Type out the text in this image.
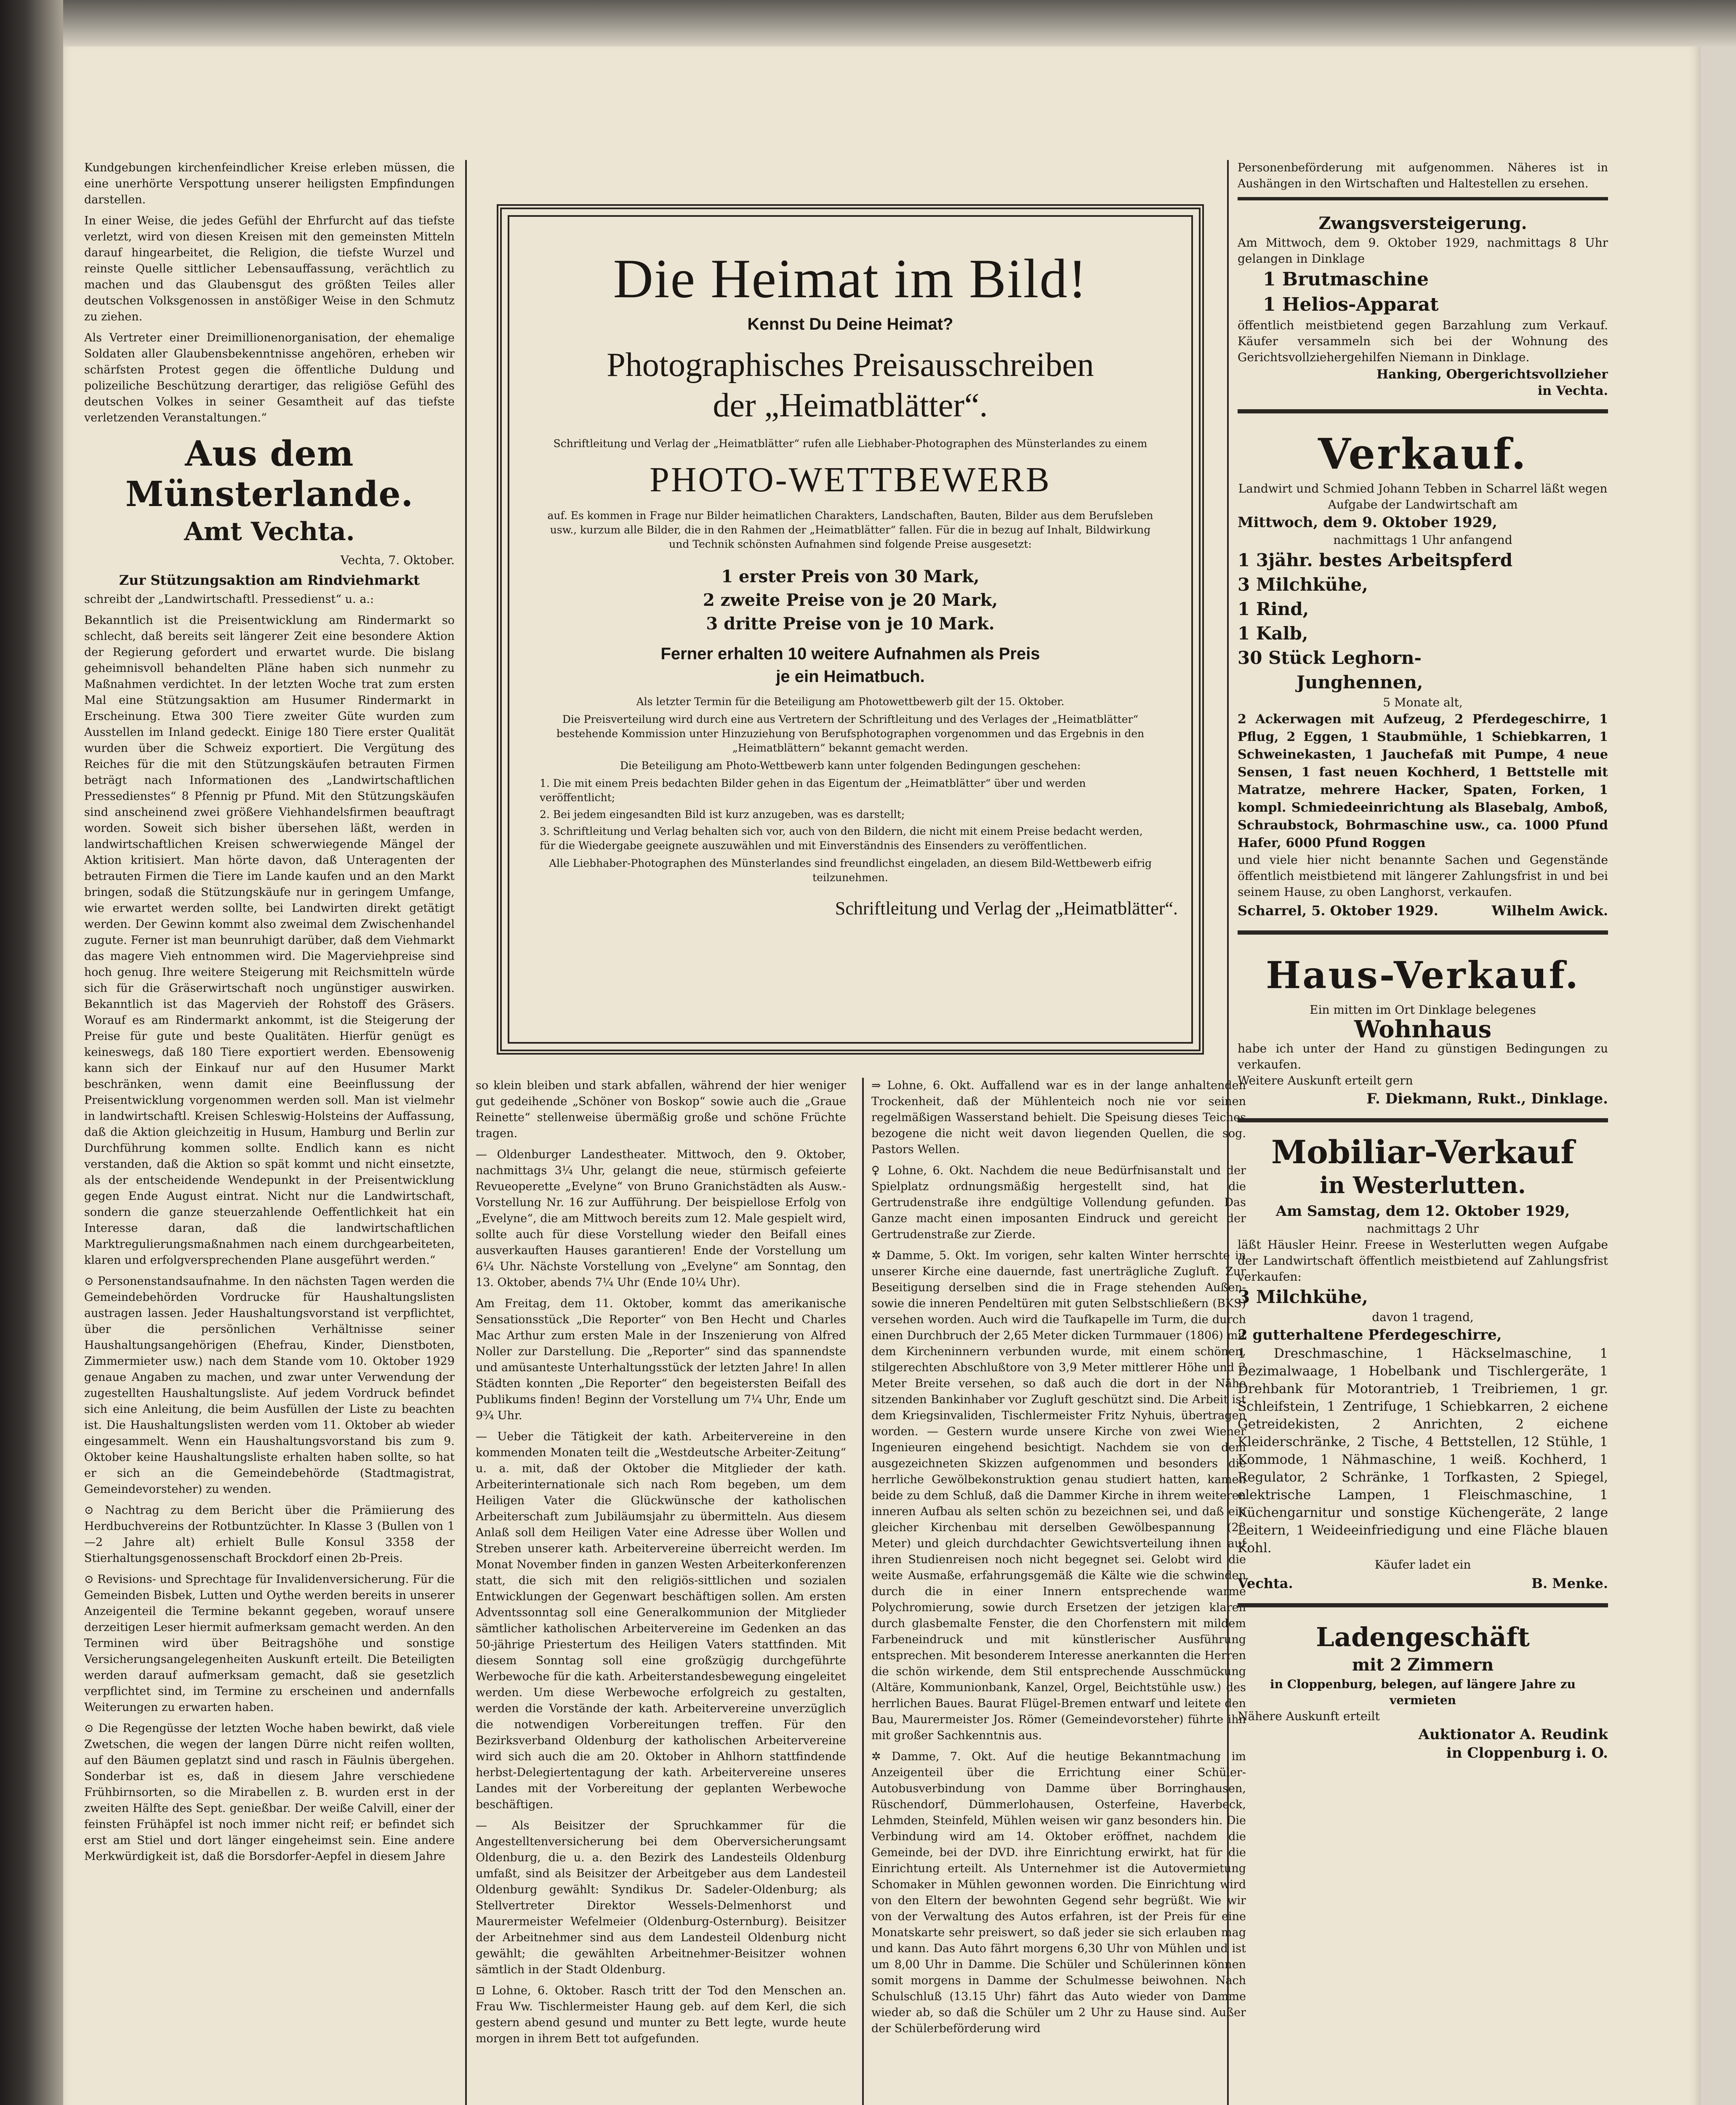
Kundgebungen kirchenfeindlicher Kreise erleben müssen, die eine unerhörte Verspottung unserer heiligsten Empfindungen darstellen.

In einer Weise, die jedes Gefühl der Ehrfurcht auf das tiefste verletzt, wird von diesen Kreisen mit den gemeinsten Mitteln darauf hingearbeitet, die Religion, die tiefste Wurzel und reinste Quelle sittlicher Lebensauffassung, verächtlich zu machen und das Glaubensgut des größten Teiles aller deutschen Volksgenossen in anstößiger Weise in den Schmutz zu ziehen.

Als Vertreter einer Dreimillionenorganisation, der ehemalige Soldaten aller Glaubensbekenntnisse angehören, erheben wir schärfsten Protest gegen die öffentliche Duldung und polizeiliche Beschützung derartiger, das religiöse Gefühl des deutschen Volkes in seiner Gesamtheit auf das tiefste verletzenden Veranstaltungen.“

Aus dem Münsterlande.
Amt Vechta.
Vechta, 7. Oktober.
Zur Stützungsaktion am Rindviehmarkt

schreibt der „Landwirtschaftl. Pressedienst“ u. a.:

Bekanntlich ist die Preisentwicklung am Rindermarkt so schlecht, daß bereits seit längerer Zeit eine besondere Aktion der Regierung gefordert und erwartet wurde. Die bislang geheimnisvoll behandelten Pläne haben sich nunmehr zu Maßnahmen verdichtet. In der letzten Woche trat zum ersten Mal eine Stützungsaktion am Husumer Rindermarkt in Erscheinung. Etwa 300 Tiere zweiter Güte wurden zum Ausstellen im Inland gedeckt. Einige 180 Tiere erster Qualität wurden über die Schweiz exportiert. Die Vergütung des Reiches für die mit den Stützungskäufen betrauten Firmen beträgt nach Informationen des „Landwirtschaftlichen Pressedienstes“ 8 Pfennig pr Pfund. Mit den Stützungskäufen sind anscheinend zwei größere Viehhandelsfirmen beauftragt worden. Soweit sich bisher übersehen läßt, werden in landwirtschaftlichen Kreisen schwerwiegende Mängel der Aktion kritisiert. Man hörte davon, daß Unteragenten der betrauten Firmen die Tiere im Lande kaufen und an den Markt bringen, sodaß die Stützungskäufe nur in geringem Umfange, wie erwartet werden sollte, bei Landwirten direkt getätigt werden. Der Gewinn kommt also zweimal dem Zwischenhandel zugute. Ferner ist man beunruhigt darüber, daß dem Viehmarkt das magere Vieh entnommen wird. Die Magerviehpreise sind hoch genug. Ihre weitere Steigerung mit Reichsmitteln würde sich für die Gräserwirtschaft noch ungünstiger auswirken. Bekanntlich ist das Magervieh der Rohstoff des Gräsers. Worauf es am Rindermarkt ankommt, ist die Steigerung der Preise für gute und beste Qualitäten. Hierfür genügt es keineswegs, daß 180 Tiere exportiert werden. Ebensowenig kann sich der Einkauf nur auf den Husumer Markt beschränken, wenn damit eine Beeinflussung der Preisentwicklung vorgenommen werden soll. Man ist vielmehr in landwirtschaftl. Kreisen Schleswig-Holsteins der Auffassung, daß die Aktion gleichzeitig in Husum, Hamburg und Berlin zur Durchführung kommen sollte. Endlich kann es nicht verstanden, daß die Aktion so spät kommt und nicht einsetzte, als der entscheidende Wendepunkt in der Preisentwicklung gegen Ende August eintrat. Nicht nur die Landwirtschaft, sondern die ganze steuerzahlende Oeffentlichkeit hat ein Interesse daran, daß die landwirtschaftlichen Marktregulierungsmaßnahmen nach einem durchgearbeiteten, klaren und erfolgversprechenden Plane ausgeführt werden.“

⊙ Personenstandsaufnahme. In den nächsten Tagen werden die Gemeindebehörden Vordrucke für Haushaltungslisten austragen lassen. Jeder Haushaltungsvorstand ist verpflichtet, über die persönlichen Verhältnisse seiner Haushaltungsangehörigen (Ehefrau, Kinder, Dienstboten, Zimmermieter usw.) nach dem Stande vom 10. Oktober 1929 genaue Angaben zu machen, und zwar unter Verwendung der zugestellten Haushaltungsliste. Auf jedem Vordruck befindet sich eine Anleitung, die beim Ausfüllen der Liste zu beachten ist. Die Haushaltungslisten werden vom 11. Oktober ab wieder eingesammelt. Wenn ein Haushaltungsvorstand bis zum 9. Oktober keine Haushaltungsliste erhalten haben sollte, so hat er sich an die Gemeindebehörde (Stadtmagistrat, Gemeindevorsteher) zu wenden.

⊙ Nachtrag zu dem Bericht über die Prämiierung des Herdbuchvereins der Rotbuntzüchter. In Klasse 3 (Bullen von 1—2 Jahre alt) erhielt Bulle Konsul 3358 der Stierhaltungsgenossenschaft Brockdorf einen 2b-Preis.

⊙ Revisions- und Sprechtage für Invalidenversicherung. Für die Gemeinden Bisbek, Lutten und Oythe werden bereits in unserer Anzeigenteil die Termine bekannt gegeben, worauf unsere derzeitigen Leser hiermit aufmerksam gemacht werden. An den Terminen wird über Beitragshöhe und sonstige Versicherungsangelegenheiten Auskunft erteilt. Die Beteiligten werden darauf aufmerksam gemacht, daß sie gesetzlich verpflichtet sind, im Termine zu erscheinen und andernfalls Weiterungen zu erwarten haben.

⊙ Die Regengüsse der letzten Woche haben bewirkt, daß viele Zwetschen, die wegen der langen Dürre nicht reifen wollten, auf den Bäumen geplatzt sind und rasch in Fäulnis übergehen. Sonderbar ist es, daß in diesem Jahre verschiedene Frühbirnsorten, so die Mirabellen z. B. wurden erst in der zweiten Hälfte des Sept. genießbar. Der weiße Calvill, einer der feinsten Frühäpfel ist noch immer nicht reif; er befindet sich erst am Stiel und dort länger eingeheimst sein. Eine andere Merkwürdigkeit ist, daß die Borsdorfer-Aepfel in diesem Jahre

Die Heimat im Bild!
Kennst Du Deine Heimat?
Photographisches Preisausschreiben
der „Heimatblätter“.
Schriftleitung und Verlag der „Heimatblätter“ rufen alle Liebhaber-Photographen des Münsterlandes zu einem
PHOTO-WETTBEWERB
auf. Es kommen in Frage nur Bilder heimatlichen Charakters, Landschaften, Bauten, Bilder aus dem Berufsleben usw., kurzum alle Bilder, die in den Rahmen der „Heimatblätter“ fallen. Für die in bezug auf Inhalt, Bildwirkung und Technik schönsten Aufnahmen sind folgende Preise ausgesetzt:
1 erster Preis von 30 Mark,
2 zweite Preise von je 20 Mark,
3 dritte Preise von je 10 Mark.
Ferner erhalten 10 weitere Aufnahmen als Preis
je ein Heimatbuch.
Als letzter Termin für die Beteiligung am Photowettbewerb gilt der 15. Oktober.
Die Preisverteilung wird durch eine aus Vertretern der Schriftleitung und des Verlages der „Heimatblätter“ bestehende Kommission unter Hinzuziehung von Berufsphotographen vorgenommen und das Ergebnis in den „Heimatblättern“ bekannt gemacht werden.
Die Beteiligung am Photo-Wettbewerb kann unter folgenden Bedingungen geschehen:
1. Die mit einem Preis bedachten Bilder gehen in das Eigentum der „Heimatblätter“ über und werden veröffentlicht;
2. Bei jedem eingesandten Bild ist kurz anzugeben, was es darstellt;
3. Schriftleitung und Verlag behalten sich vor, auch von den Bildern, die nicht mit einem Preise bedacht werden, für die Wiedergabe geeignete auszuwählen und mit Einverständnis des Einsenders zu veröffentlichen.
Alle Liebhaber-Photographen des Münsterlandes sind freundlichst eingeladen, an diesem Bild-Wettbewerb eifrig teilzunehmen.
Schriftleitung und Verlag der „Heimatblätter“.

so klein bleiben und stark abfallen, während der hier weniger gut gedeihende „Schöner von Boskop“ sowie auch die „Graue Reinette“ stellenweise übermäßig große und schöne Früchte tragen.

— Oldenburger Landestheater. Mittwoch, den 9. Oktober, nachmittags 3¼ Uhr, gelangt die neue, stürmisch gefeierte Revueoperette „Evelyne“ von Bruno Granichstädten als Ausw.-Vorstellung Nr. 16 zur Aufführung. Der beispiellose Erfolg von „Evelyne“, die am Mittwoch bereits zum 12. Male gespielt wird, sollte auch für diese Vorstellung wieder den Beifall eines ausverkauften Hauses garantieren! Ende der Vorstellung um 6¼ Uhr. Nächste Vorstellung von „Evelyne“ am Sonntag, den 13. Oktober, abends 7¼ Uhr (Ende 10¼ Uhr).

Am Freitag, dem 11. Oktober, kommt das amerikanische Sensationsstück „Die Reporter“ von Ben Hecht und Charles Mac Arthur zum ersten Male in der Inszenierung von Alfred Noller zur Darstellung. Die „Reporter“ sind das spannendste und amüsanteste Unterhaltungsstück der letzten Jahre! In allen Städten konnten „Die Reporter“ den begeistersten Beifall des Publikums finden! Beginn der Vorstellung um 7¼ Uhr, Ende um 9¾ Uhr.

— Ueber die Tätigkeit der kath. Arbeitervereine in den kommenden Monaten teilt die „Westdeutsche Arbeiter-Zeitung“ u. a. mit, daß der Oktober die Mitglieder der kath. Arbeiterinternationale sich nach Rom begeben, um dem Heiligen Vater die Glückwünsche der katholischen Arbeiterschaft zum Jubiläumsjahr zu übermitteln. Aus diesem Anlaß soll dem Heiligen Vater eine Adresse über Wollen und Streben unserer kath. Arbeitervereine überreicht werden. Im Monat November finden in ganzen Westen Arbeiterkonferenzen statt, die sich mit den religiös-sittlichen und sozialen Entwicklungen der Gegenwart beschäftigen sollen. Am ersten Adventssonntag soll eine Generalkommunion der Mitglieder sämtlicher katholischen Arbeitervereine im Gedenken an das 50-jährige Priestertum des Heiligen Vaters stattfinden. Mit diesem Sonntag soll eine großzügig durchgeführte Werbewoche für die kath. Arbeiterstandesbewegung eingeleitet werden. Um diese Werbewoche erfolgreich zu gestalten, werden die Vorstände der kath. Arbeitervereine unverzüglich die notwendigen Vorbereitungen treffen. Für den Bezirksverband Oldenburg der katholischen Arbeitervereine wird sich auch die am 20. Oktober in Ahlhorn stattfindende herbst-Delegiertentagung der kath. Arbeitervereine unseres Landes mit der Vorbereitung der geplanten Werbewoche beschäftigen.

— Als Beisitzer der Spruchkammer für die Angestelltenversicherung bei dem Oberversicherungsamt Oldenburg, die u. a. den Bezirk des Landesteils Oldenburg umfaßt, sind als Beisitzer der Arbeitgeber aus dem Landesteil Oldenburg gewählt: Syndikus Dr. Sadeler-Oldenburg; als Stellvertreter Direktor Wessels-Delmenhorst und Maurermeister Wefelmeier (Oldenburg-Osternburg). Beisitzer der Arbeitnehmer sind aus dem Landesteil Oldenburg nicht gewählt; die gewählten Arbeitnehmer-Beisitzer wohnen sämtlich in der Stadt Oldenburg.

⊡ Lohne, 6. Oktober. Rasch tritt der Tod den Menschen an. Frau Ww. Tischlermeister Haung geb. auf dem Kerl, die sich gestern abend gesund und munter zu Bett legte, wurde heute morgen in ihrem Bett tot aufgefunden.

⇒ Lohne, 6. Okt. Auffallend war es in der lange anhaltenden Trockenheit, daß der Mühlenteich noch nie vor seinen regelmäßigen Wasserstand behielt. Die Speisung dieses Teiches bezogene die nicht weit davon liegenden Quellen, die sog. Pastors Wellen.

♀ Lohne, 6. Okt. Nachdem die neue Bedürfnisanstalt und der Spielplatz ordnungsmäßig hergestellt sind, hat die Gertrudenstraße ihre endgültige Vollendung gefunden. Das Ganze macht einen imposanten Eindruck und gereicht der Gertrudenstraße zur Zierde.

✲ Damme, 5. Okt. Im vorigen, sehr kalten Winter herrschte in unserer Kirche eine dauernde, fast unerträgliche Zugluft. Zur Beseitigung derselben sind die in Frage stehenden Außen- sowie die inneren Pendeltüren mit guten Selbstschließern (BKS) versehen worden. Auch wird die Taufkapelle im Turm, die durch einen Durchbruch der 2,65 Meter dicken Turmmauer (1806) mit dem Kircheninnern verbunden wurde, mit einem schönen, stilgerechten Abschlußtore von 3,9 Meter mittlerer Höhe und 2 Meter Breite versehen, so daß auch die dort in der Nähe sitzenden Bankinhaber vor Zugluft geschützt sind. Die Arbeit ist dem Kriegsinvaliden, Tischlermeister Fritz Nyhuis, übertragen worden. — Gestern wurde unsere Kirche von zwei Wiener Ingenieuren eingehend besichtigt. Nachdem sie von dem ausgezeichneten Skizzen aufgenommen und besonders die herrliche Gewölbekonstruktion genau studiert hatten, kamen beide zu dem Schluß, daß die Dammer Kirche in ihrem weiteren inneren Aufbau als selten schön zu bezeichnen sei, und daß ein gleicher Kirchenbau mit derselben Gewölbespannung (23 Meter) und gleich durchdachter Gewichtsverteilung ihnen auf ihren Studienreisen noch nicht begegnet sei. Gelobt wird die weite Ausmaße, erfahrungsgemäß die Kälte wie die schwinden durch die in einer Innern entsprechende warme Polychromierung, sowie durch Ersetzen der jetzigen klaren durch glasbemalte Fenster, die den Chorfenstern mit mildem Farbeneindruck und mit künstlerischer Ausführung entsprechen. Mit besonderem Interesse anerkannten die Herren die schön wirkende, dem Stil entsprechende Ausschmückung (Altäre, Kommunionbank, Kanzel, Orgel, Beichtstühle usw.) des herrlichen Baues. Baurat Flügel-Bremen entwarf und leitete den Bau, Maurermeister Jos. Römer (Gemeindevorsteher) führte ihn mit großer Sachkenntnis aus.

✲ Damme, 7. Okt. Auf die heutige Bekanntmachung im Anzeigenteil über die Errichtung einer Schüler-Autobusverbindung von Damme über Borringhausen, Rüschendorf, Dümmerlohausen, Osterfeine, Haverbeck, Lehmden, Steinfeld, Mühlen weisen wir ganz besonders hin. Die Verbindung wird am 14. Oktober eröffnet, nachdem die Gemeinde, bei der DVD. ihre Einrichtung erwirkt, hat für die Einrichtung erteilt. Als Unternehmer ist die Autovermietung Schomaker in Mühlen gewonnen worden. Die Einrichtung wird von den Eltern der bewohnten Gegend sehr begrüßt. Wie wir von der Verwaltung des Autos erfahren, ist der Preis für eine Monatskarte sehr preiswert, so daß jeder sie sich erlauben mag und kann. Das Auto fährt morgens 6,30 Uhr von Mühlen und ist um 8,00 Uhr in Damme. Die Schüler und Schülerinnen können somit morgens in Damme der Schulmesse beiwohnen. Nach Schulschluß (13.15 Uhr) fährt das Auto wieder von Damme wieder ab, so daß die Schüler um 2 Uhr zu Hause sind. Außer der Schülerbeförderung wird

Personenbeförderung mit aufgenommen. Näheres ist in Aushängen in den Wirtschaften und Haltestellen zu ersehen.

Zwangsversteigerung.

Am Mittwoch, dem 9. Oktober 1929, nachmittags 8 Uhr gelangen in Dinklage

1 Brutmaschine

1 Helios-Apparat

öffentlich meistbietend gegen Barzahlung zum Verkauf. Käufer versammeln sich bei der Wohnung des Gerichtsvollziehergehilfen Niemann in Dinklage.

Hanking, Obergerichtsvollzieher
in Vechta.
Verkauf.

Landwirt und Schmied Johann Tebben in Scharrel läßt wegen Aufgabe der Landwirtschaft am

Mittwoch, dem 9. Oktober 1929,

nachmittags 1 Uhr anfangend

1 3jähr. bestes Arbeitspferd

3 Milchkühe,

1 Rind,

1 Kalb,

30 Stück Leghorn-

Junghennen,

5 Monate alt,

2 Ackerwagen mit Aufzeug, 2 Pferdegeschirre, 1 Pflug, 2 Eggen, 1 Staubmühle, 1 Schiebkarren, 1 Schweinekasten, 1 Jauchefaß mit Pumpe, 4 neue Sensen, 1 fast neuen Kochherd, 1 Bettstelle mit Matratze, mehrere Hacker, Spaten, Forken, 1 kompl. Schmiedeeinrichtung als Blasebalg, Amboß, Schraubstock, Bohrmaschine usw., ca. 1000 Pfund Hafer, 6000 Pfund Roggen

und viele hier nicht benannte Sachen und Gegenstände öffentlich meistbietend mit längerer Zahlungsfrist in und bei seinem Hause, zu oben Langhorst, verkaufen.

Scharrel, 5. Oktober 1929.	Wilhelm Awick.
Haus-Verkauf.

Ein mitten im Ort Dinklage belegenes

Wohnhaus

habe ich unter der Hand zu günstigen Bedingungen zu verkaufen.

Weitere Auskunft erteilt gern

F. Diekmann, Rukt., Dinklage.
Mobiliar-Verkauf
in Westerlutten.

Am Samstag, dem 12. Oktober 1929,

nachmittags 2 Uhr

läßt Häusler Heinr. Freese in Westerlutten wegen Aufgabe der Landwirtschaft öffentlich meistbietend auf Zahlungsfrist verkaufen:

3 Milchkühe,

davon 1 tragend,

2 gutterhaltene Pferdegeschirre,

1 Dreschmaschine, 1 Häckselmaschine, 1 Dezimalwaage, 1 Hobelbank und Tischlergeräte, 1 Drehbank für Motorantrieb, 1 Treibriemen, 1 gr. Schleifstein, 1 Zentrifuge, 1 Schiebkarren, 2 eichene Getreidekisten, 2 Anrichten, 2 eichene Kleiderschränke, 2 Tische, 4 Bettstellen, 12 Stühle, 1 Kommode, 1 Nähmaschine, 1 weiß. Kochherd, 1 Regulator, 2 Schränke, 1 Torfkasten, 2 Spiegel, elektrische Lampen, 1 Fleischmaschine, 1 Küchengarnitur und sonstige Küchengeräte, 2 lange Leitern, 1 Weideeinfriedigung und eine Fläche blauen Kohl.

Käufer ladet ein

Vechta.	B. Menke.
Ladengeschäft
mit 2 Zimmern

in Cloppenburg, belegen, auf längere Jahre zu vermieten

Nähere Auskunft erteilt

Auktionator A. Reudink
in Cloppenburg i. O.
